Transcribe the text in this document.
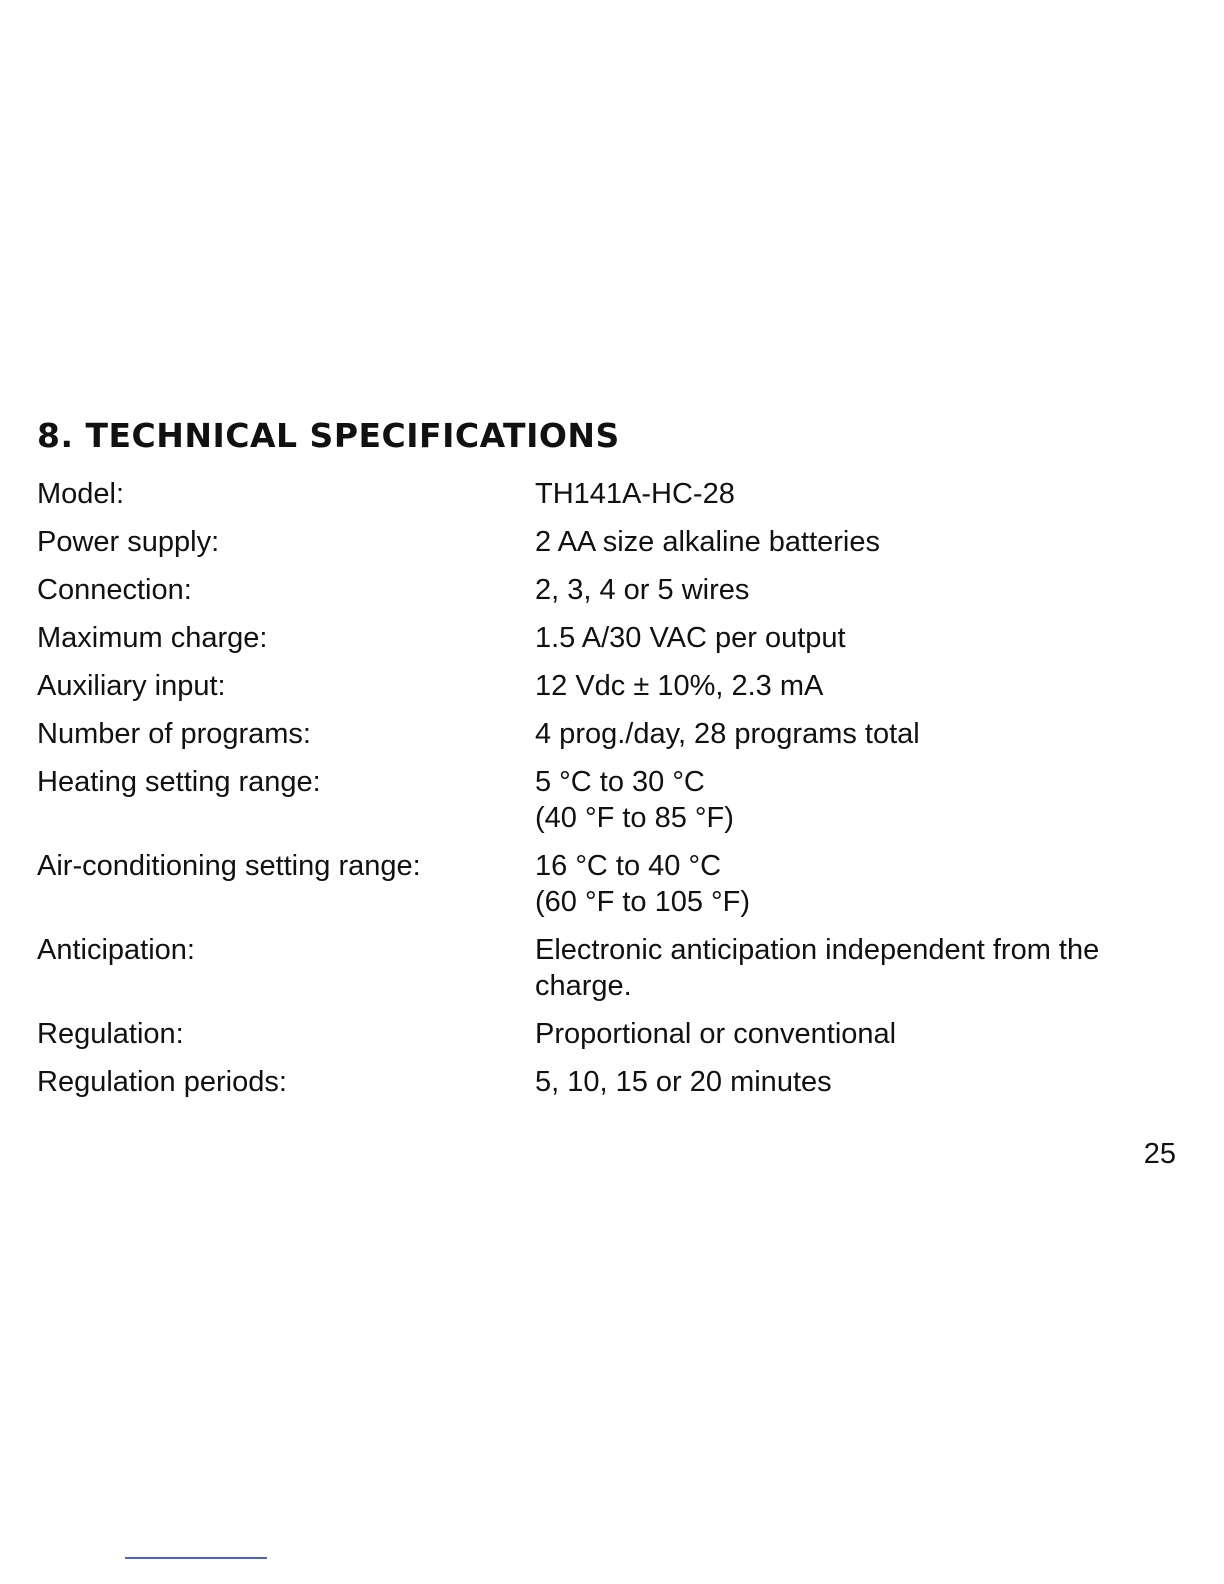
8. TECHNICAL SPECIFICATIONS
Model:	TH141A-HC-28
Power supply:	2 AA size alkaline batteries
Connection:	2, 3, 4 or 5 wires
Maximum charge:	1.5 A/30 VAC per output
Auxiliary input:	12 Vdc ± 10%, 2.3 mA
Number of programs:	4 prog./day, 28 programs total
Heating setting range:	5 °C to 30 °C
(40 °F to 85 °F)
Air-conditioning setting range:	16 °C to 40 °C
(60 °F to 105 °F)
Anticipation:	Electronic anticipation independent from the
charge.
Regulation:	Proportional or conventional
Regulation periods:	5, 10, 15 or 20 minutes
25
